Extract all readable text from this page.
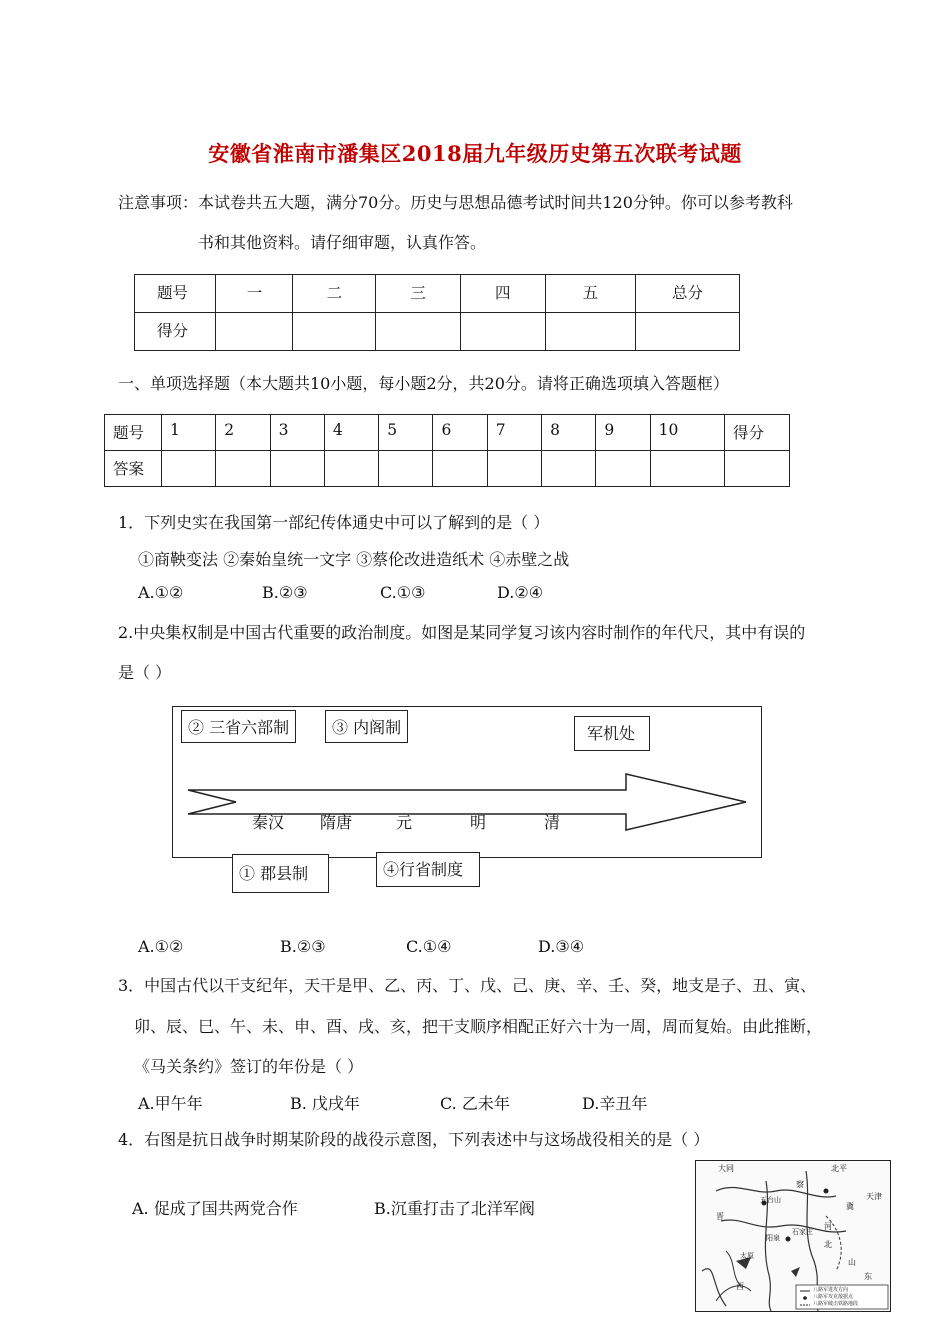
安徽省淮南市潘集区2018届九年级历史第五次联考试题
注意事项：本试卷共五大题，满分70分。历史与思想品德考试时间共120分钟。你可以参考教科
书和其他资料。请仔细审题，认真作答。
题号	一	二	三	四	五	总分
得分						
一、单项选择题（本大题共10小题，每小题2分，共20分。请将正确选项填入答题框）
题号	1	2	3	4	5	6	7	8	9	10	得分
答案											
1．下列史实在我国第一部纪传体通史中可以了解到的是（ ）
①商鞅变法 ②秦始皇统一文字 ③蔡伦改进造纸术 ④赤壁之战
A.①②	B.②③	C.①③	D.②④
2.中央集权制是中国古代重要的政治制度。如图是某同学复习该内容时制作的年代尺，其中有误的
是（ ）
② 三省六部制	③ 内阁制	军机处
秦汉 隋唐	元	明	清
① 郡县制	④行省制度
A.①②	B.②③	C.①④	D.③④
3．中国古代以干支纪年，天干是甲、乙、丙、丁、戊、己、庚、辛、壬、癸，地支是子、丑、寅、
卯、辰、巳、午、未、申、酉、戌、亥，把干支顺序相配正好六十为一周，周而复始。由此推断，
《马关条约》签订的年份是（ ）
A.甲午年	B. 戊戌年	C. 乙未年	D.辛丑年
4．右图是抗日战争时期某阶段的战役示意图，下列表述中与这场战役相关的是（ ）
A. 促成了国共两党合作	B.沉重打击了北洋军阀
大同	北平
天津
五台山
阳泉
石家庄
太原
河
北
山
西
东
晋
察
冀
八路军进攻方向
八路军攻克敌据点
八路军破击铁路地段
